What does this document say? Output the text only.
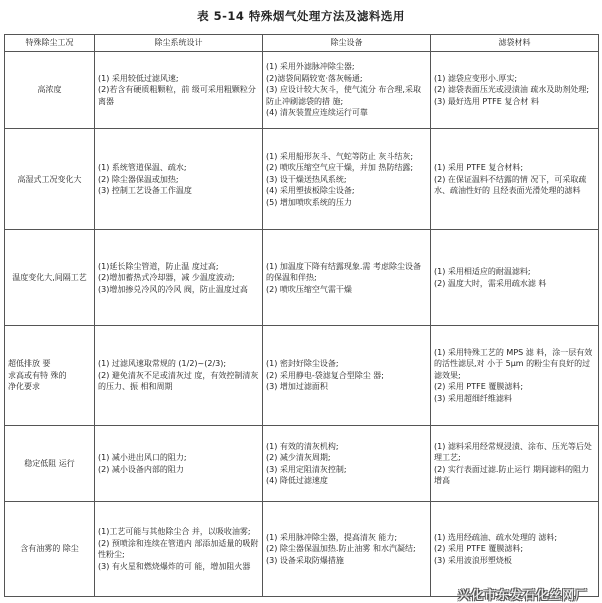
表 5-14 特殊烟气处理方法及滤料选用
特殊除尘工况	除尘系统设计	除尘设备	滤袋材料
高浓度	(1) 采用较低过滤风速;
(2)若含有硬质粗颗粒，前 级可采用粗颗粒分离器	(1) 采用外滤脉冲除尘器;
(2)滤袋间隔较宽·落灰畅通;
(3) 应设计较大灰斗，使气流分 布合理,采取防止冲刷滤袋的措 施;
(4) 清灰装置应连续运行可靠	(1) 滤袋应变形小.厚实;
(2) 滤袋表面压光或浸渍油 疏水及助剂处理;
(3) 最好选用 PTFE 复合材 料

高湿式工况变化大	(1) 系统管道保温、疏水;
(2) 除尘器保温或加热;
(3) 控制工艺设备工作温度	(1) 采用船形灰斗、气蛇等防止 灰斗结灰;
(2) 喷吹压缩空气应干燥，并加 热防结露;
(3) 设干燥送热风系统;
(4) 采用塑拔板除尘设备;
(5) 增加喷吹系统的压力	(1) 采用 PTFE 复合材料;
(2) 在保证温料不结露的情 况下，可采取疏水、疏油性好的 且经表面光滑处理的滤料

温度变化大,间隔工艺	(1)延长除尘管道，防止温 度过高;
(2)增加蓄热式冷却器，减 少温度波动;
(3)增加掺兑冷风的冷风 阀，防止温度过高	(1) 加温度下降有结露现象.需 考虑除尘设备的保温和伴热;
(2) 喷吹压缩空气需干燥	(1) 采用相适应的耐温滤料;
(2) 温度大时，需采用疏水滤 料

超低排放 要求高或有特 殊的净化要求	(1) 过滤风速取常规的 (1/2)~(2/3);
(2) 避免清灰不足或清灰过 度，有效控制清灰的压力、振 相和周期	(1) 密封好除尘设备;
(2) 采用静电-袋滤复合型除尘 器;
(3) 增加过滤面积	(1) 采用特殊工艺的 MPS 滤 料，涂一层有效的活性滤层,对 小于 5μm 的粉尘有良好的过 滤效果;
(2) 采用 PTFE 覆膜滤料;
(3) 采用超细纤维滤料

稳定低阻 运行	(1) 减小进出风口的阻力;
(2) 减小设备内部的阻力	(1) 有效的清灰机构;
(2) 减少清灰周期;
(3) 采用定阻清灰控制;
(4) 降低过滤速度	(1) 滤料采用经常规浸渍、涂布、压光等后处理工艺;
(2) 实行表面过滤.防止运行 期间滤料的阻力增高

含有油雾的 除尘	(1)工艺可能与其他除尘合 并，以吸收油雾;
(2) 预喷涂和连续在管道内 部添加适量的吸附性粉尘;
(3) 有火星和燃烧爆炸的可 能，增加阻火器	(1) 采用脉冲除尘器，提高清灰 能力;
(2) 除尘器保温加热.防止油雾 和水汽凝结;
(3) 设备采取防爆措施	(1) 选用经疏油、疏水处理的 滤料;
(2) 采用 PTFE 覆膜滤料;
(3) 采用波浪形塑烧板
兴化市东发石化丝网厂
